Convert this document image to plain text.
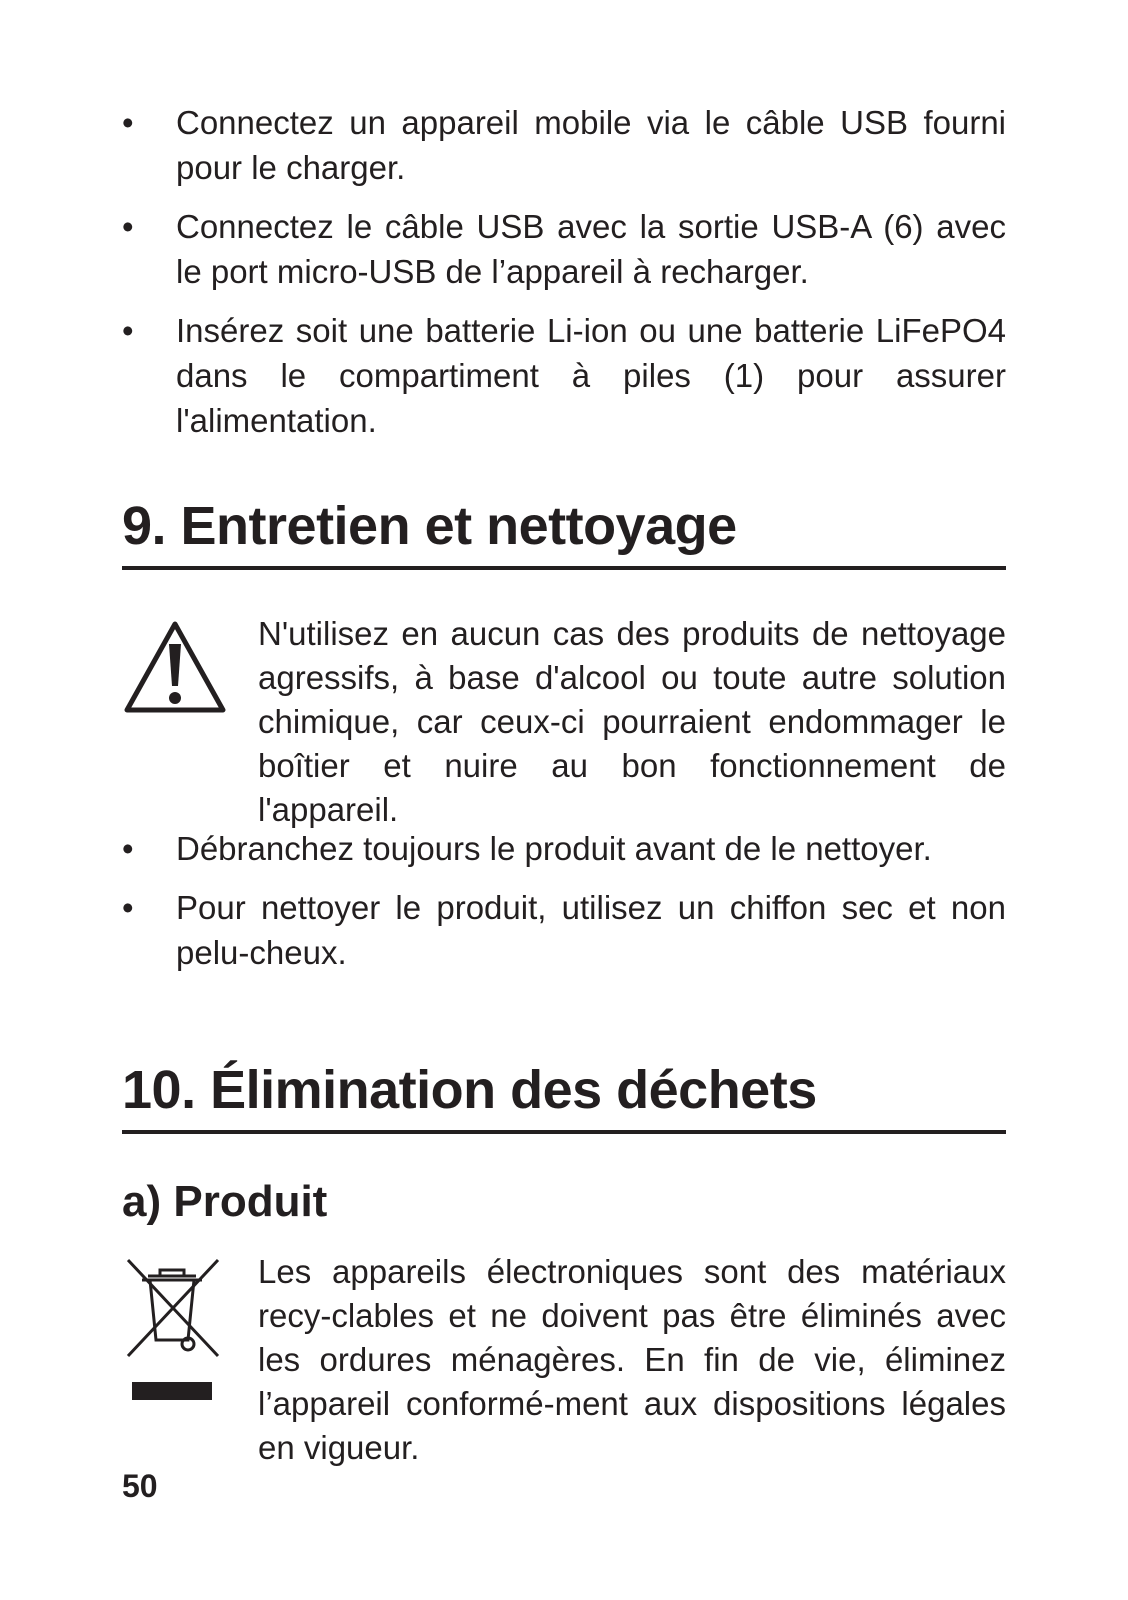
• Connectez un appareil mobile via le câble USB fourni pour le charger.
• Connectez le câble USB avec la sortie USB-A (6) avec le port micro-USB de l’appareil à recharger.
• Insérez soit une batterie Li-ion ou une batterie LiFePO4 dans le compartiment à piles (1) pour assurer l'alimentation.
9. Entretien et nettoyage
N'utilisez en aucun cas des produits de nettoyage agressifs, à base d'alcool ou toute autre solution chimique, car ceux-ci pourraient endommager le boîtier et nuire au bon fonctionnement de l'appareil.
• Débranchez toujours le produit avant de le nettoyer.
• Pour nettoyer le produit, utilisez un chiffon sec et non pelu-cheux.
10. Élimination des déchets
a) Produit
Les appareils électroniques sont des matériaux recy-clables et ne doivent pas être éliminés avec les ordures ménagères. En fin de vie, éliminez l’appareil conformé-ment aux dispositions légales en vigueur.
50
